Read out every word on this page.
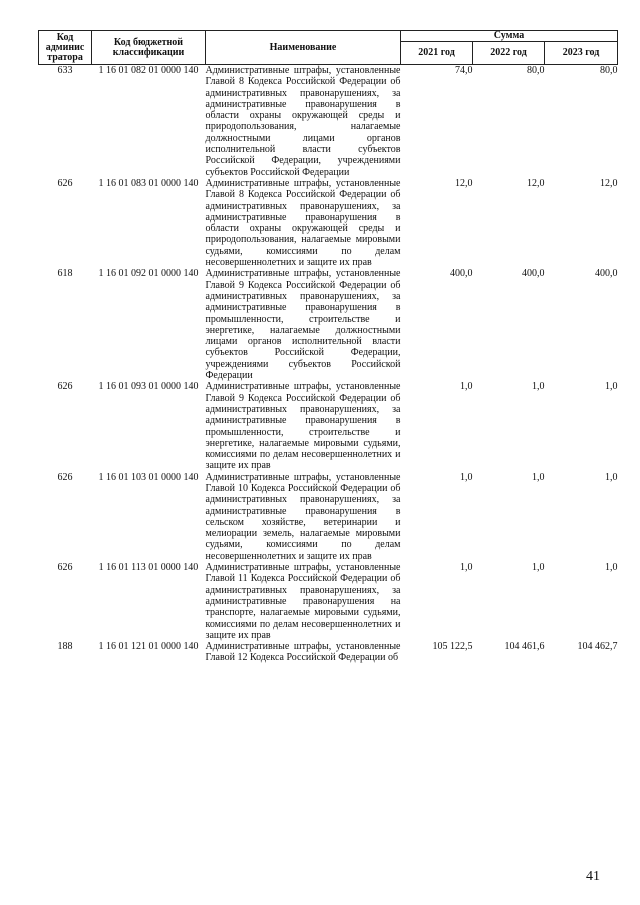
Код админис тратора	Код бюджетной классификации	Наименование	Сумма		
			2021 год	2022 год	2023 год
633	1 16 01 082 01 0000 140	Административные штрафы, установленные Главой 8 Кодекса Российской Федерации об административных правонарушениях, за административные правонарушения в области охраны окружающей среды и природопользования, налагаемые должностными лицами органов исполнительной власти субъектов Российской Федерации, учреждениями субъектов Российской Федерации	74,0	80,0	80,0
626	1 16 01 083 01 0000 140	Административные штрафы, установленные Главой 8 Кодекса Российской Федерации об административных правонарушениях, за административные правонарушения в области охраны окружающей среды и природопользования, налагаемые мировыми судьями, комиссиями по делам несовершеннолетних и защите их прав	12,0	12,0	12,0
618	1 16 01 092 01 0000 140	Административные штрафы, установленные Главой 9 Кодекса Российской Федерации об административных правонарушениях, за административные правонарушения в промышленности, строительстве и энергетике, налагаемые должностными лицами органов исполнительной власти субъектов Российской Федерации, учреждениями субъектов Российской Федерации	400,0	400,0	400,0
626	1 16 01 093 01 0000 140	Административные штрафы, установленные Главой 9 Кодекса Российской Федерации об административных правонарушениях, за административные правонарушения в промышленности, строительстве и энергетике, налагаемые мировыми судьями, комиссиями по делам несовершеннолетних и защите их прав	1,0	1,0	1,0
626	1 16 01 103 01 0000 140	Административные штрафы, установленные Главой 10 Кодекса Российской Федерации об административных правонарушениях, за административные правонарушения в сельском хозяйстве, ветеринарии и мелиорации земель, налагаемые мировыми судьями, комиссиями по делам несовершеннолетних и защите их прав	1,0	1,0	1,0
626	1 16 01 113 01 0000 140	Административные штрафы, установленные Главой 11 Кодекса Российской Федерации об административных правонарушениях, за административные правонарушения на транспорте, налагаемые мировыми судьями, комиссиями по делам несовершеннолетних и защите их прав	1,0	1,0	1,0
188	1 16 01 121 01 0000 140	Административные штрафы, установленные Главой 12 Кодекса Российской Федерации об	105 122,5	104 461,6	104 462,7
41
